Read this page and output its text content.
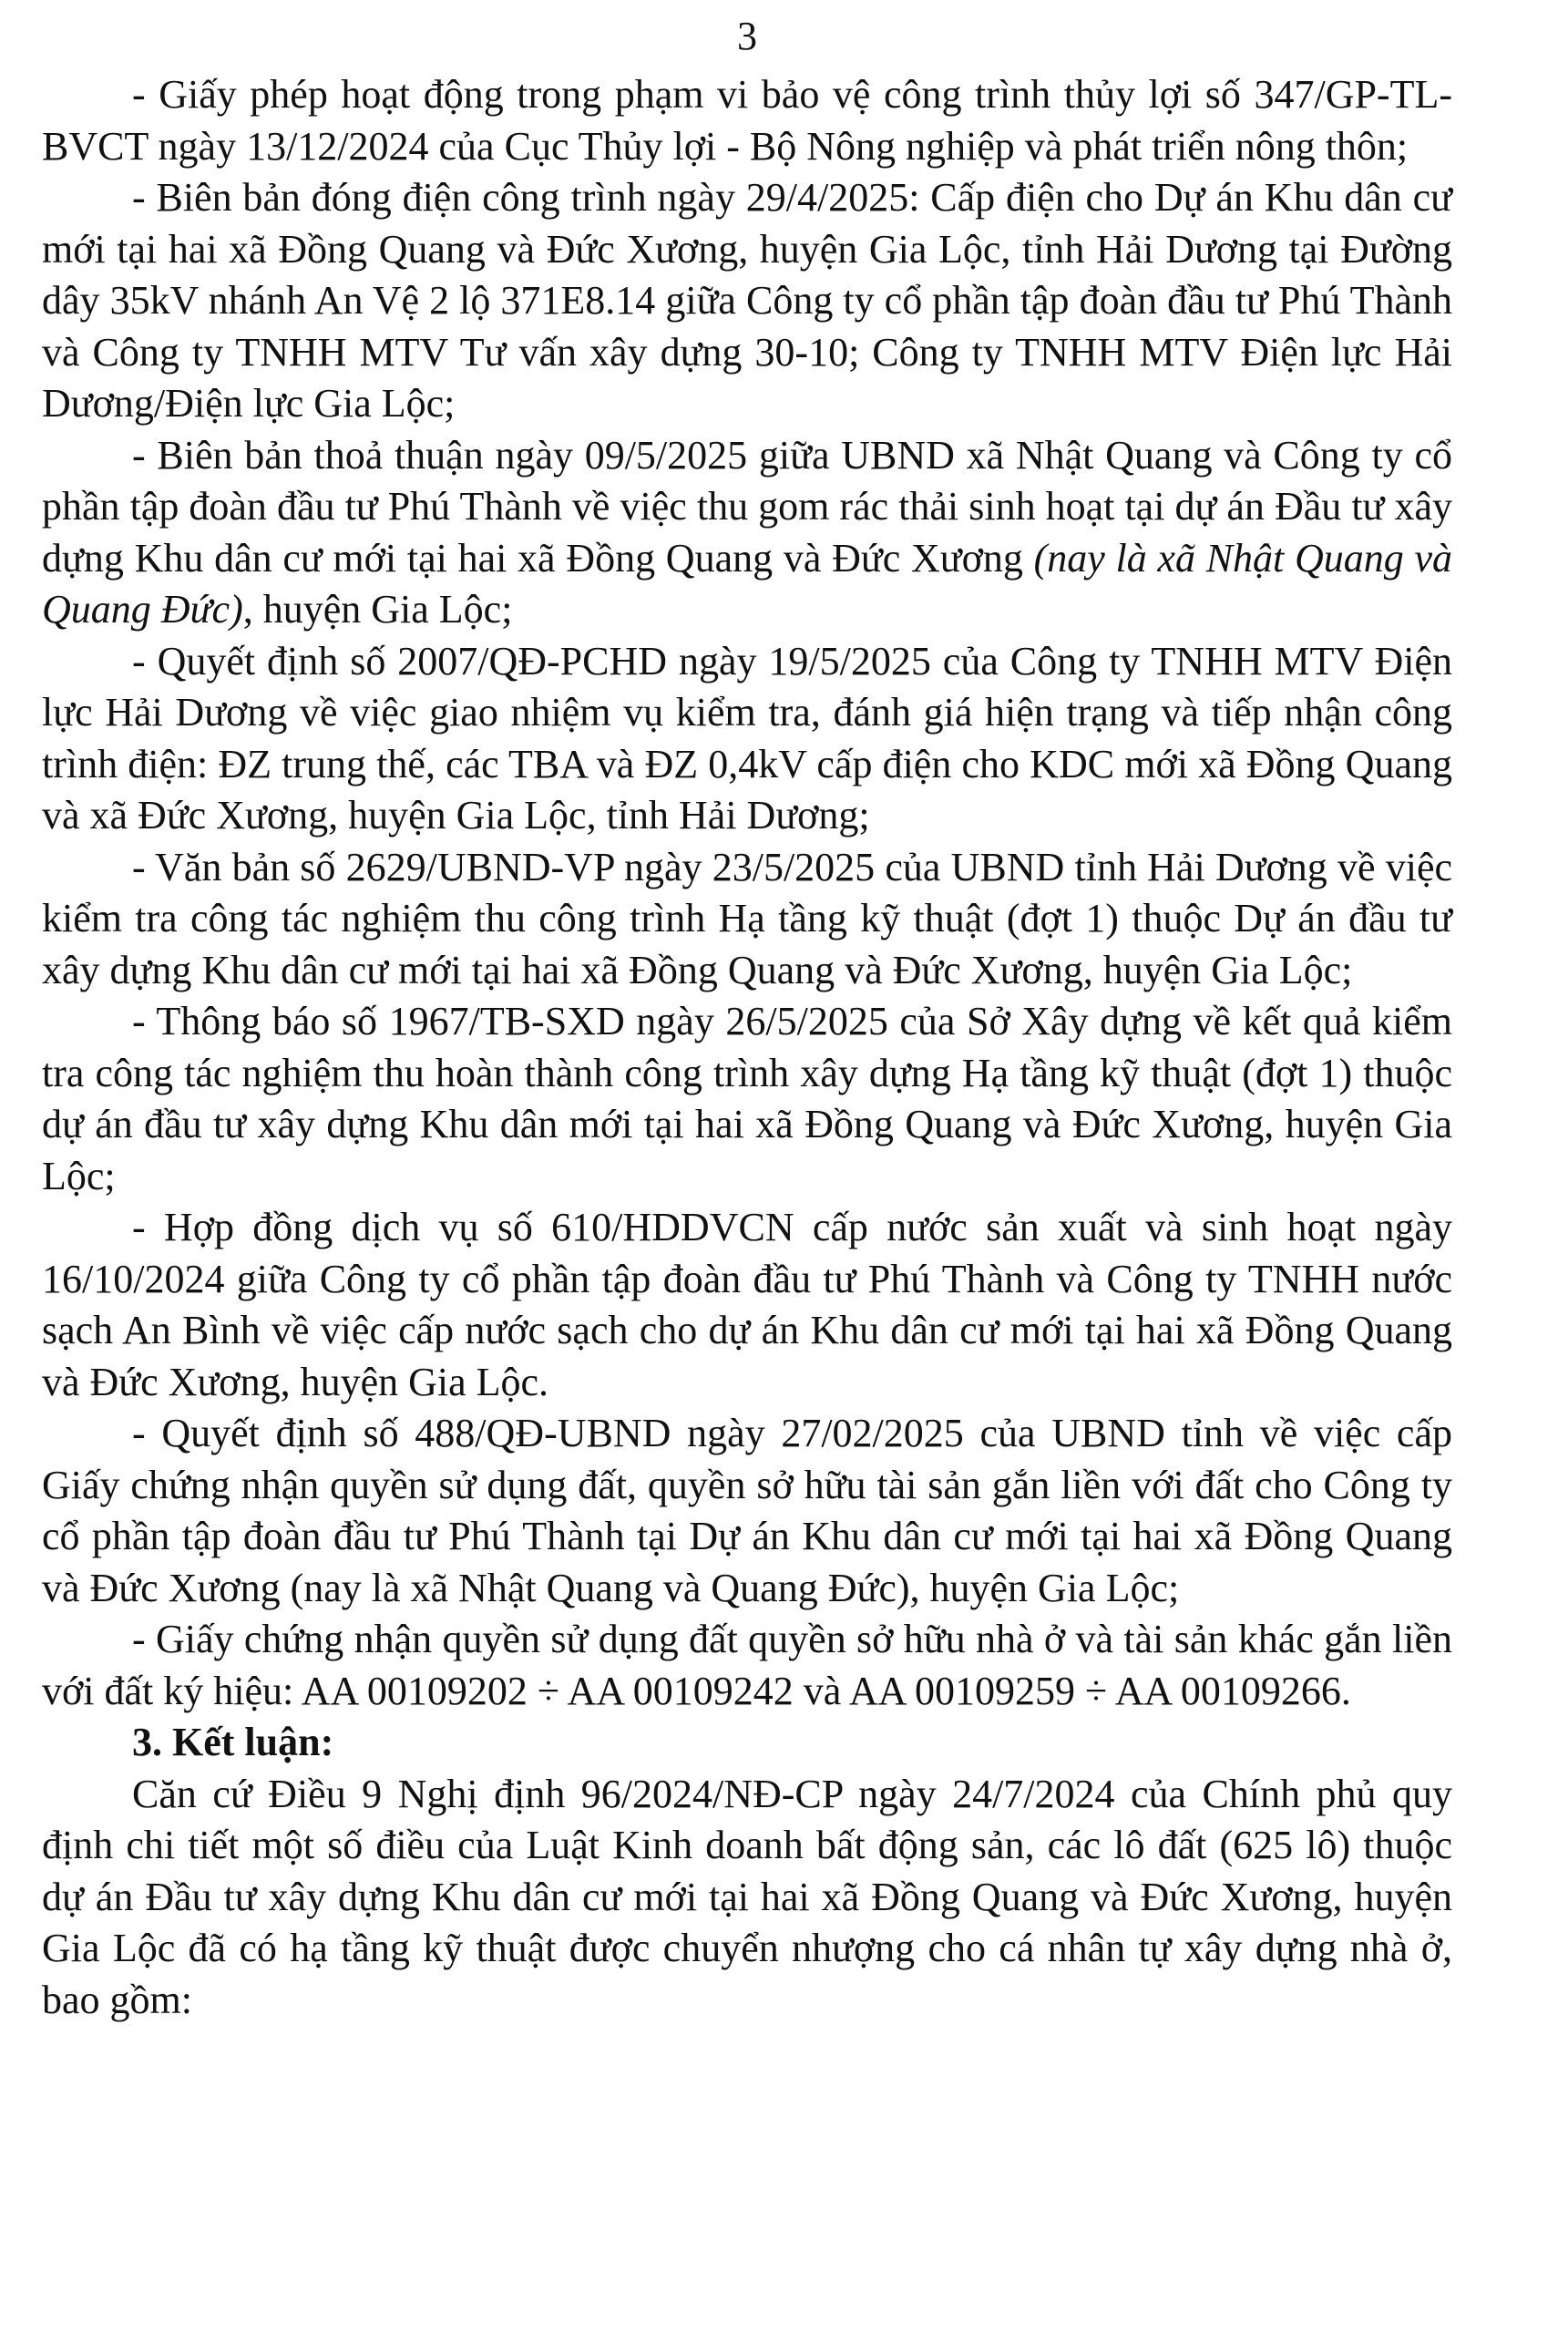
3

- Giấy phép hoạt động trong phạm vi bảo vệ công trình thủy lợi số 347/GP-TL-BVCT ngày 13/12/2024 của Cục Thủy lợi - Bộ Nông nghiệp và phát triển nông thôn;

- Biên bản đóng điện công trình ngày 29/4/2025: Cấp điện cho Dự án Khu dân cư mới tại hai xã Đồng Quang và Đức Xương, huyện Gia Lộc, tỉnh Hải Dương tại Đường dây 35kV nhánh An Vệ 2 lộ 371E8.14 giữa Công ty cổ phần tập đoàn đầu tư Phú Thành và Công ty TNHH MTV Tư vấn xây dựng 30-10; Công ty TNHH MTV Điện lực Hải Dương/Điện lực Gia Lộc;

- Biên bản thoả thuận ngày 09/5/2025 giữa UBND xã Nhật Quang và Công ty cổ phần tập đoàn đầu tư Phú Thành về việc thu gom rác thải sinh hoạt tại dự án Đầu tư xây dựng Khu dân cư mới tại hai xã Đồng Quang và Đức Xương (nay là xã Nhật Quang và Quang Đức), huyện Gia Lộc;

- Quyết định số 2007/QĐ-PCHD ngày 19/5/2025 của Công ty TNHH MTV Điện lực Hải Dương về việc giao nhiệm vụ kiểm tra, đánh giá hiện trạng và tiếp nhận công trình điện: ĐZ trung thế, các TBA và ĐZ 0,4kV cấp điện cho KDC mới xã Đồng Quang và xã Đức Xương, huyện Gia Lộc, tỉnh Hải Dương;

- Văn bản số 2629/UBND-VP ngày 23/5/2025 của UBND tỉnh Hải Dương về việc kiểm tra công tác nghiệm thu công trình Hạ tầng kỹ thuật (đợt 1) thuộc Dự án đầu tư xây dựng Khu dân cư mới tại hai xã Đồng Quang và Đức Xương, huyện Gia Lộc;

- Thông báo số 1967/TB-SXD ngày 26/5/2025 của Sở Xây dựng về kết quả kiểm tra công tác nghiệm thu hoàn thành công trình xây dựng Hạ tầng kỹ thuật (đợt 1) thuộc dự án đầu tư xây dựng Khu dân mới tại hai xã Đồng Quang và Đức Xương, huyện Gia Lộc;

- Hợp đồng dịch vụ số 610/HDDVCN cấp nước sản xuất và sinh hoạt ngày 16/10/2024 giữa Công ty cổ phần tập đoàn đầu tư Phú Thành và Công ty TNHH nước sạch An Bình về việc cấp nước sạch cho dự án Khu dân cư mới tại hai xã Đồng Quang và Đức Xương, huyện Gia Lộc.

- Quyết định số 488/QĐ-UBND ngày 27/02/2025 của UBND tỉnh về việc cấp Giấy chứng nhận quyền sử dụng đất, quyền sở hữu tài sản gắn liền với đất cho Công ty cổ phần tập đoàn đầu tư Phú Thành tại Dự án Khu dân cư mới tại hai xã Đồng Quang và Đức Xương (nay là xã Nhật Quang và Quang Đức), huyện Gia Lộc;

- Giấy chứng nhận quyền sử dụng đất quyền sở hữu nhà ở và tài sản khác gắn liền với đất ký hiệu: AA 00109202 ÷ AA 00109242 và AA 00109259 ÷ AA 00109266.

3. Kết luận:

Căn cứ Điều 9 Nghị định 96/2024/NĐ-CP ngày 24/7/2024 của Chính phủ quy định chi tiết một số điều của Luật Kinh doanh bất động sản, các lô đất (625 lô) thuộc dự án Đầu tư xây dựng Khu dân cư mới tại hai xã Đồng Quang và Đức Xương, huyện Gia Lộc đã có hạ tầng kỹ thuật được chuyển nhượng cho cá nhân tự xây dựng nhà ở, bao gồm:
